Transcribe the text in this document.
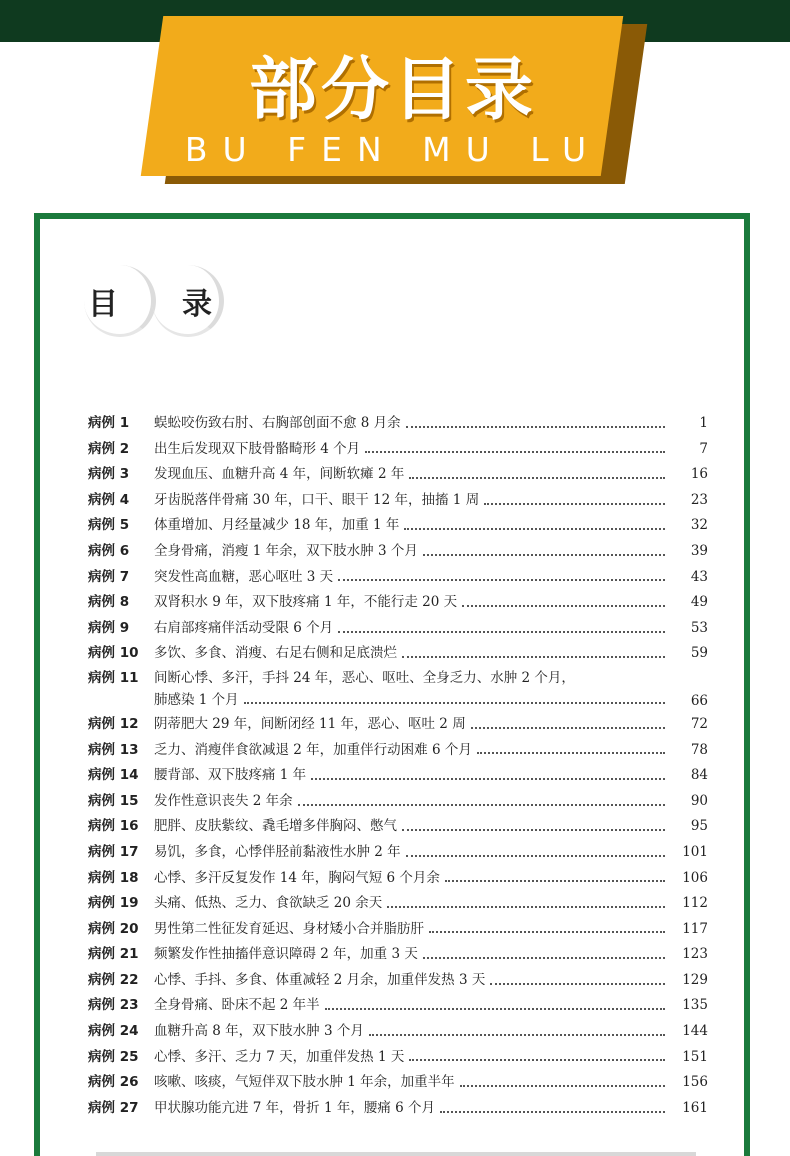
部分目录
BU FEN MU LU
目 录
病例 1	蜈蚣咬伤致右肘、右胸部创面不愈 8 月余	1
病例 2	出生后发现双下肢骨骼畸形 4 个月	7
病例 3	发现血压、血糖升高 4 年，间断软瘫 2 年	16
病例 4	牙齿脱落伴骨痛 30 年，口干、眼干 12 年，抽搐 1 周	23
病例 5	体重增加、月经量减少 18 年，加重 1 年	32
病例 6	全身骨痛，消瘦 1 年余，双下肢水肿 3 个月	39
病例 7	突发性高血糖，恶心呕吐 3 天	43
病例 8	双肾积水 9 年，双下肢疼痛 1 年，不能行走 20 天	49
病例 9	右肩部疼痛伴活动受限 6 个月	53
病例 10	多饮、多食、消瘦、右足右侧和足底溃烂	59
病例 11	间断心悸、多汗，手抖 24 年，恶心、呕吐、全身乏力、水肿 2 个月，
肺感染 1 个月	66
病例 12	阴蒂肥大 29 年，间断闭经 11 年，恶心、呕吐 2 周	72
病例 13	乏力、消瘦伴食欲减退 2 年，加重伴行动困难 6 个月	78
病例 14	腰背部、双下肢疼痛 1 年	84
病例 15	发作性意识丧失 2 年余	90
病例 16	肥胖、皮肤紫纹、毳毛增多伴胸闷、憋气	95
病例 17	易饥，多食，心悸伴胫前黏液性水肿 2 年	101
病例 18	心悸、多汗反复发作 14 年，胸闷气短 6 个月余	106
病例 19	头痛、低热、乏力、食欲缺乏 20 余天	112
病例 20	男性第二性征发育延迟、身材矮小合并脂肪肝	117
病例 21	频繁发作性抽搐伴意识障碍 2 年，加重 3 天	123
病例 22	心悸、手抖、多食、体重减轻 2 月余，加重伴发热 3 天	129
病例 23	全身骨痛、卧床不起 2 年半	135
病例 24	血糖升高 8 年，双下肢水肿 3 个月	144
病例 25	心悸、多汗、乏力 7 天，加重伴发热 1 天	151
病例 26	咳嗽、咳痰，气短伴双下肢水肿 1 年余，加重半年	156
病例 27	甲状腺功能亢进 7 年，骨折 1 年，腰痛 6 个月	161
